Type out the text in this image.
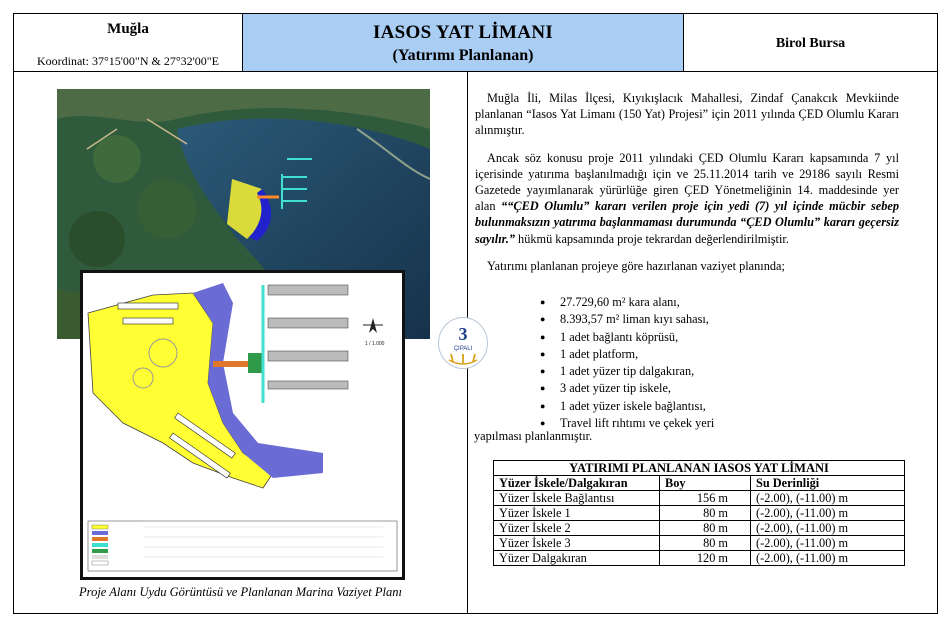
Muğla
Koordinat: 37°15'00"N & 27°32'00"E
IASOS YAT LİMANI
(Yatırımı Planlanan)
Birol Bursa
1 / 1.000
Proje Alanı Uydu Görüntüsü ve Planlanan Marina Vaziyet Planı
3
ÇIPALI

Muğla İli, Milas İlçesi, Kıyıkışlacık Mahallesi, Zindaf Çanakcık Mevkiinde planlanan “Iasos Yat Limanı (150 Yat) Projesi” için 2011 yılında ÇED Olumlu Kararı alınmıştır.

Ancak söz konusu proje 2011 yılındaki ÇED Olumlu Kararı kapsamında 7 yıl içerisinde yatırıma başlanılmadığı için ve 25.11.2014 tarih ve 29186 sayılı Resmi Gazetede yayımlanarak yürürlüğe giren ÇED Yönetmeliğinin 14. maddesinde yer alan ““ÇED Olumlu” kararı verilen proje için yedi (7) yıl içinde mücbir sebep bulunmaksızın yatırıma başlanmaması durumunda “ÇED Olumlu” kararı geçersiz sayılır.” hükmü kapsamında proje tekrardan değerlendirilmiştir.

Yatırımı planlanan projeye göre hazırlanan vaziyet planında;

● 27.729,60 m² kara alanı,
● 8.393,57 m² liman kıyı sahası,
● 1 adet bağlantı köprüsü,
● 1 adet platform,
● 1 adet yüzer tip dalgakıran,
● 3 adet yüzer tip iskele,
● 1 adet yüzer iskele bağlantısı,
● Travel lift rıhtımı ve çekek yeri
yapılması planlanmıştır.
YATIRIMI PLANLANAN IASOS YAT LİMANI		
Yüzer İskele/Dalgakıran	Boy	Su Derinliği
Yüzer İskele Bağlantısı	156 m	(-2.00), (-11.00) m
Yüzer İskele 1	80 m	(-2.00), (-11.00) m
Yüzer İskele 2	80 m	(-2.00), (-11.00) m
Yüzer İskele 3	80 m	(-2.00), (-11.00) m
Yüzer Dalgakıran	120 m	(-2.00), (-11.00) m
